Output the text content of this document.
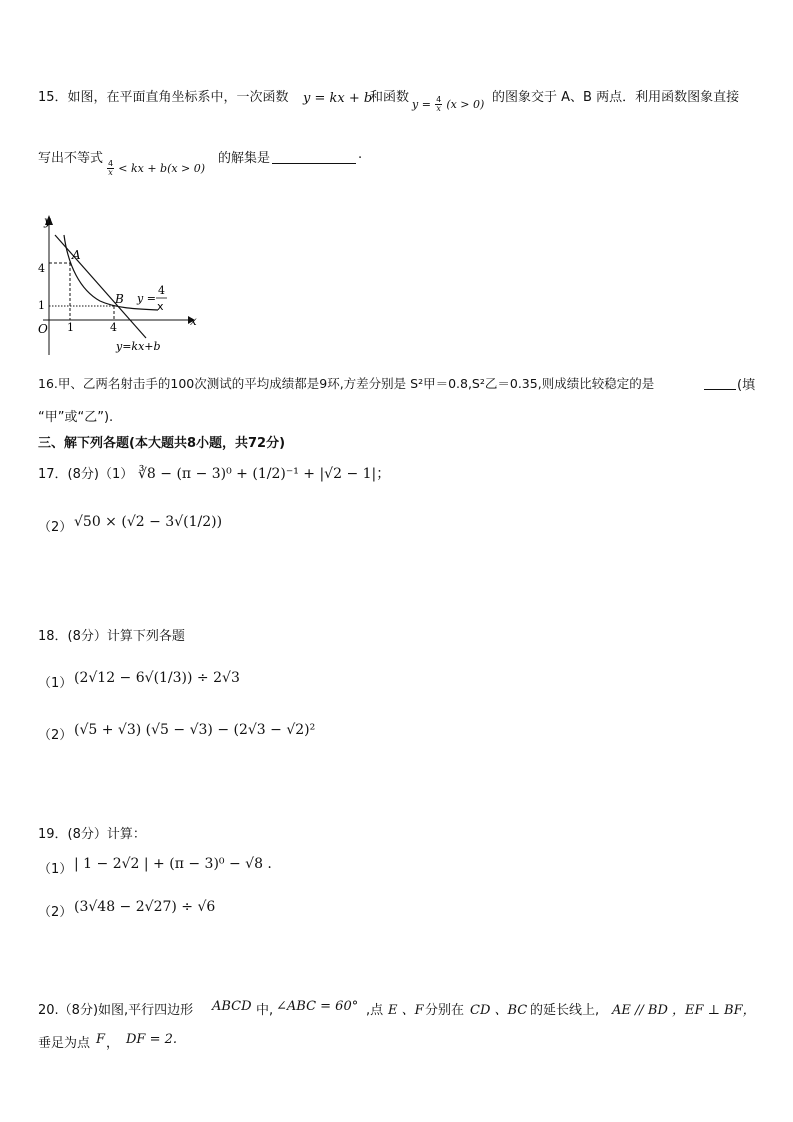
15．如图，在平面直角坐标系中，一次函数 y = kx + b
和函数 $y = \frac{4}{x} (x > 0)$ 的图象交于 A、B 两点．利用函数图象直接
写出不等式
$\frac{4}{x}$ < kx + b(x > 0)
的解集是	.
y
x
O
4
1
1	4
A
B y =
4
x
y=kx+b
16.甲、乙两名射击手的100次测试的平均成绩都是9环,方差分别是 S²甲＝0.8,S²乙＝0.35,则成绩比较稳定的是	(填
“甲”或“乙”).
三、解下列各题(本大题共8小题，共72分)
17．(8分)（1） ∛8 − (π − 3)⁰ + (1/2)⁻¹ + |√2 − 1|；
（2） √50 × (√2 − 3√(1/2))
18．(8分）计算下列各题
（1） (2√12 − 6√(1/3)) ÷ 2√3
（2） (√5 + √3) (√5 − √3) − (2√3 − √2)²
19．(8分）计算：
（1） | 1 − 2√2 | + (π − 3)⁰ − √8 .
（2） (3√48 − 2√27) ÷ √6
20.（8分)如图,平行四边形 ABCD 中, ∠ABC = 60° ,点 E 、F 分别在 CD 、BC 的延长线上, AE // BD ，EF ⊥ BF，
垂足为点 F ， DF = 2.
